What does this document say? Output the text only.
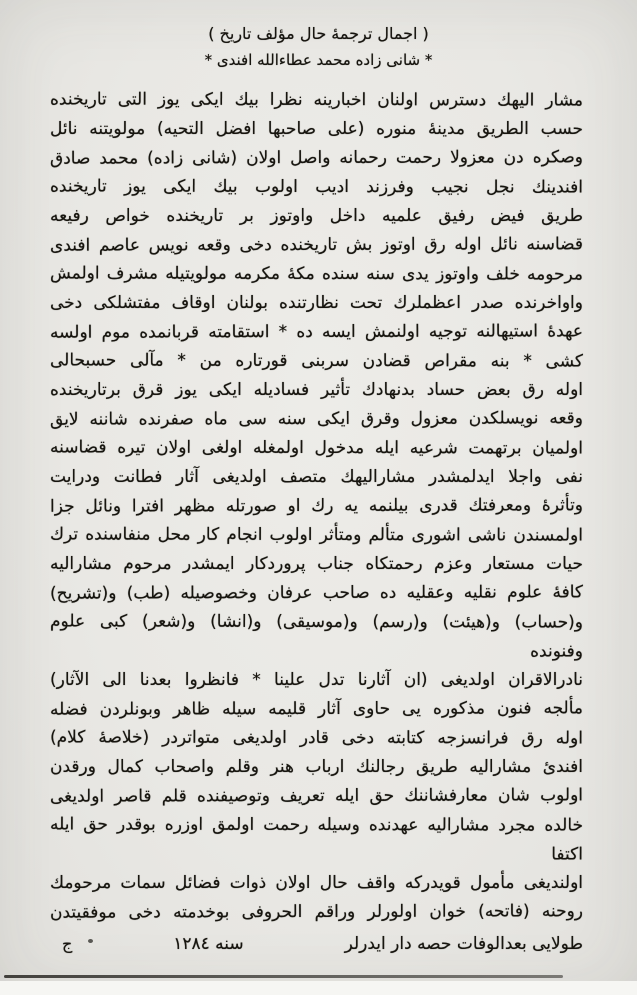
( اجمال ترجمهٔ حال مؤلف تاريخ )
* شانى زاده محمد عطاءالله افندى *
مشار اليهك دسترس اولنان اخبارينه نظرا بيك ايكى يوز التى تاريخنده
حسب الطريق مدينهٔ منوره (على صاحبها افضل التحيه) مولويتنه نائل
وصكره دن معزولا رحمت رحمانه واصل اولان (شانى زاده) محمد صادق
افندينك نجل نجيب وفرزند اديب اولوب بيك ايكى يوز تاريخنده
طريق فيض رفيق علميه داخل واوتوز بر تاريخنده خواص رفيعه
قضاسنه نائل اوله رق اوتوز بش تاريخنده دخى وقعه نويس عاصم افندى
مرحومه خلف واوتوز يدى سنه سنده مكهٔ مكرمه مولويتيله مشرف اولمش
واواخرنده صدر اعظملرك تحت نظارتنده بولنان اوقاف مفتشلكى دخى
عهدهٔ استيهالنه توجيه اولنمش ايسه ده * استقامته قربانمده موم اولسه
كشى * بنه مقراص قضادن سربنى قورتاره من * مآلى حسبحالى
اوله رق بعض حساد بدنهادك تأثير فساديله ايكى يوز قرق برتاريخنده
وقعه نويسلكدن معزول وقرق ايكى سنه سى ماه صفرنده شاننه لايق
اولميان برتهمت شرعيه ايله مدخول اولمغله اولغى اولان تيره قضاسنه
نفى واجلا ايدلمشدر مشاراليهك متصف اولديغى آثار فطانت ودرايت
وتأثرهٔ ومعرفتك قدرى بيلنمه يه رك او صورتله مظهر افترا ونائل جزا
اولمسندن ناشى اشورى متألم ومتأثر اولوب انجام كار محل منفاسنده ترك
حيات مستعار وعزم رحمتكاه جناب پروردكار ايمشدر مرحوم مشاراليه
كافهٔ علوم نقليه وعقليه ده صاحب عرفان وخصوصيله (طب) و(تشريح)
و(حساب) و(هيئت) و(رسم) و(موسيقى) و(انشا) و(شعر) كبى علوم وفنونده
نادرالاقران اولديغى (ان آثارنا تدل علينا * فانظروا بعدنا الى الآثار)
مألجه فنون مذكوره يى حاوى آثار قليمه سيله ظاهر وبونلردن فضله
اوله رق فرانسزجه كتابته دخى قادر اولديغى متواتردر (خلاصهٔ كلام)
افندئ مشاراليه طريق رجالنك ارباب هنر وقلم واصحاب كمال ورقدن
اولوب شان معارفشاننك حق ايله تعريف وتوصيفنده قلم قاصر اولديغى
خالده مجرد مشاراليه عهدنده وسيله رحمت اولمق اوزره بوقدر حق ايله اكتفا
اولنديغى مأمول قويدركه واقف حال اولان ذوات فضائل سمات مرحومك
روحنه (فاتحه) خوان اولورلر وراقم الحروفى بوخدمته دخى موفقيتدن
طولايى بعدالوفات حصه دار ايدرلر
سنه ١٢٨٤
ج
